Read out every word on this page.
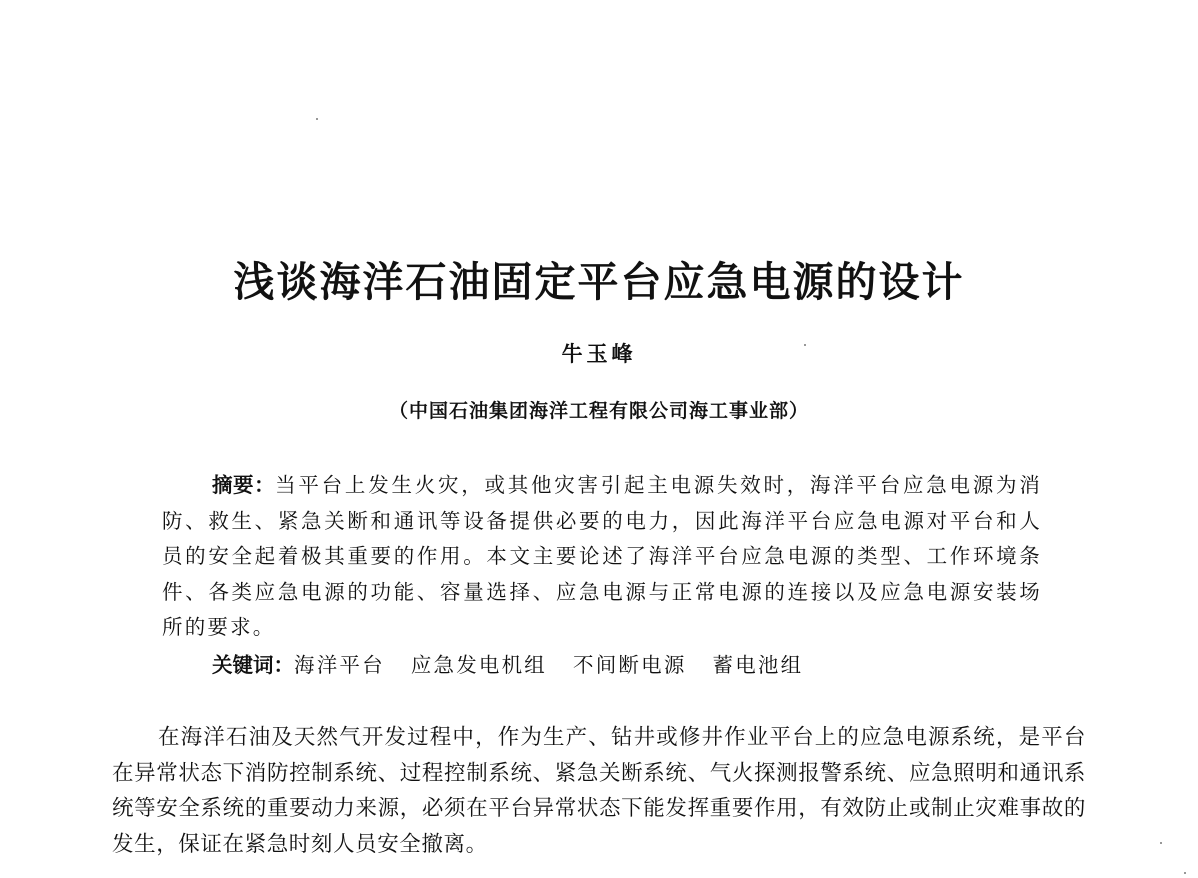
浅谈海洋石油固定平台应急电源的设计
牛玉峰
（中国石油集团海洋工程有限公司海工事业部）

摘要：当平台上发生火灾，或其他灾害引起主电源失效时，海洋平台应急电源为消防、救生、紧急关断和通讯等设备提供必要的电力，因此海洋平台应急电源对平台和人员的安全起着极其重要的作用。本文主要论述了海洋平台应急电源的类型、工作环境条件、各类应急电源的功能、容量选择、应急电源与正常电源的连接以及应急电源安装场所的要求。

关键词：海洋平台 应急发电机组 不间断电源 蓄电池组

在海洋石油及天然气开发过程中，作为生产、钻井或修井作业平台上的应急电源系统，是平台在异常状态下消防控制系统、过程控制系统、紧急关断系统、气火探测报警系统、应急照明和通讯系统等安全系统的重要动力来源，必须在平台异常状态下能发挥重要作用，有效防止或制止灾难事故的发生，保证在紧急时刻人员安全撤离。
